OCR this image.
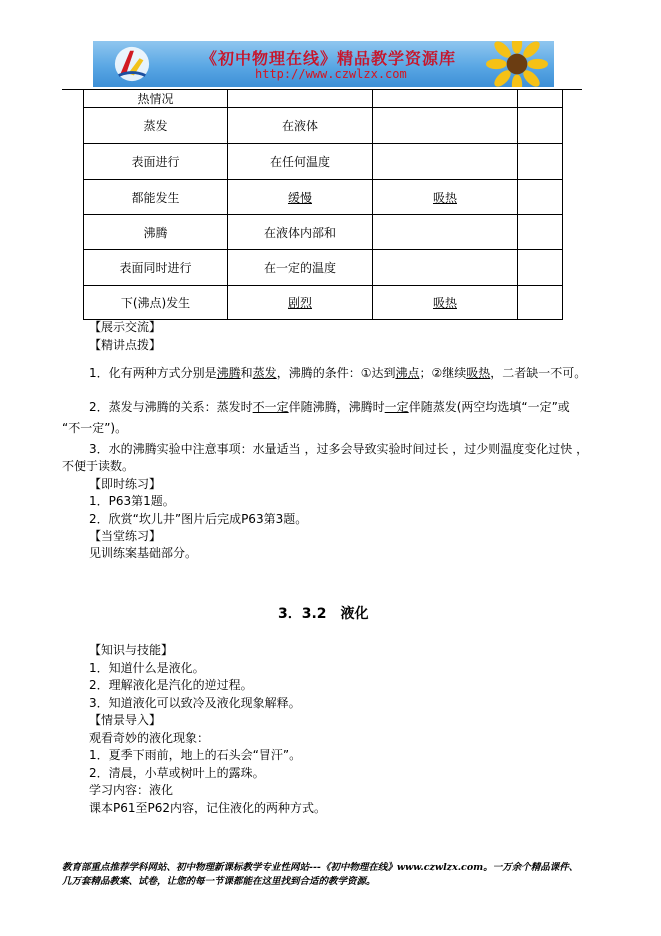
《初中物理在线》精品教学资源库
http://www.czwlzx.com
热情况			
蒸发	在液体		
表面进行	在任何温度		
都能发生	缓慢	吸热	
沸腾	在液体内部和		
表面同时进行	在一定的温度		
下(沸点)发生	剧烈	吸热	
【展示交流】
【精讲点拨】
1．化有两种方式分别是沸腾和蒸发，沸腾的条件：①达到沸点；②继续吸热，二者缺一不可。
2．蒸发与沸腾的关系：蒸发时不一定伴随沸腾，沸腾时一定伴随蒸发(两空均选填“一定”或
“不一定”)。
3．水的沸腾实验中注意事项：水量适当 ，过多会导致实验时间过长 ，过少则温度变化过快 ，
不便于读数。
【即时练习】
1．P63第1题。
2．欣赏“坎儿井”图片后完成P63第3题。
【当堂练习】
见训练案基础部分。
3．3.2　液化
【知识与技能】
1．知道什么是液化。
2．理解液化是汽化的逆过程。
3．知道液化可以致冷及液化现象解释。
【情景导入】
观看奇妙的液化现象：
1．夏季下雨前，地上的石头会“冒汗”。
2．清晨，小草或树叶上的露珠。
学习内容：液化
课本P61至P62内容，记住液化的两种方式。
教育部重点推荐学科网站、初中物理新课标教学专业性网站---《初中物理在线》www.czwlzx.com。一万余个精品课件、
几万套精品教案、试卷，让您的每一节课都能在这里找到合适的教学资源。
